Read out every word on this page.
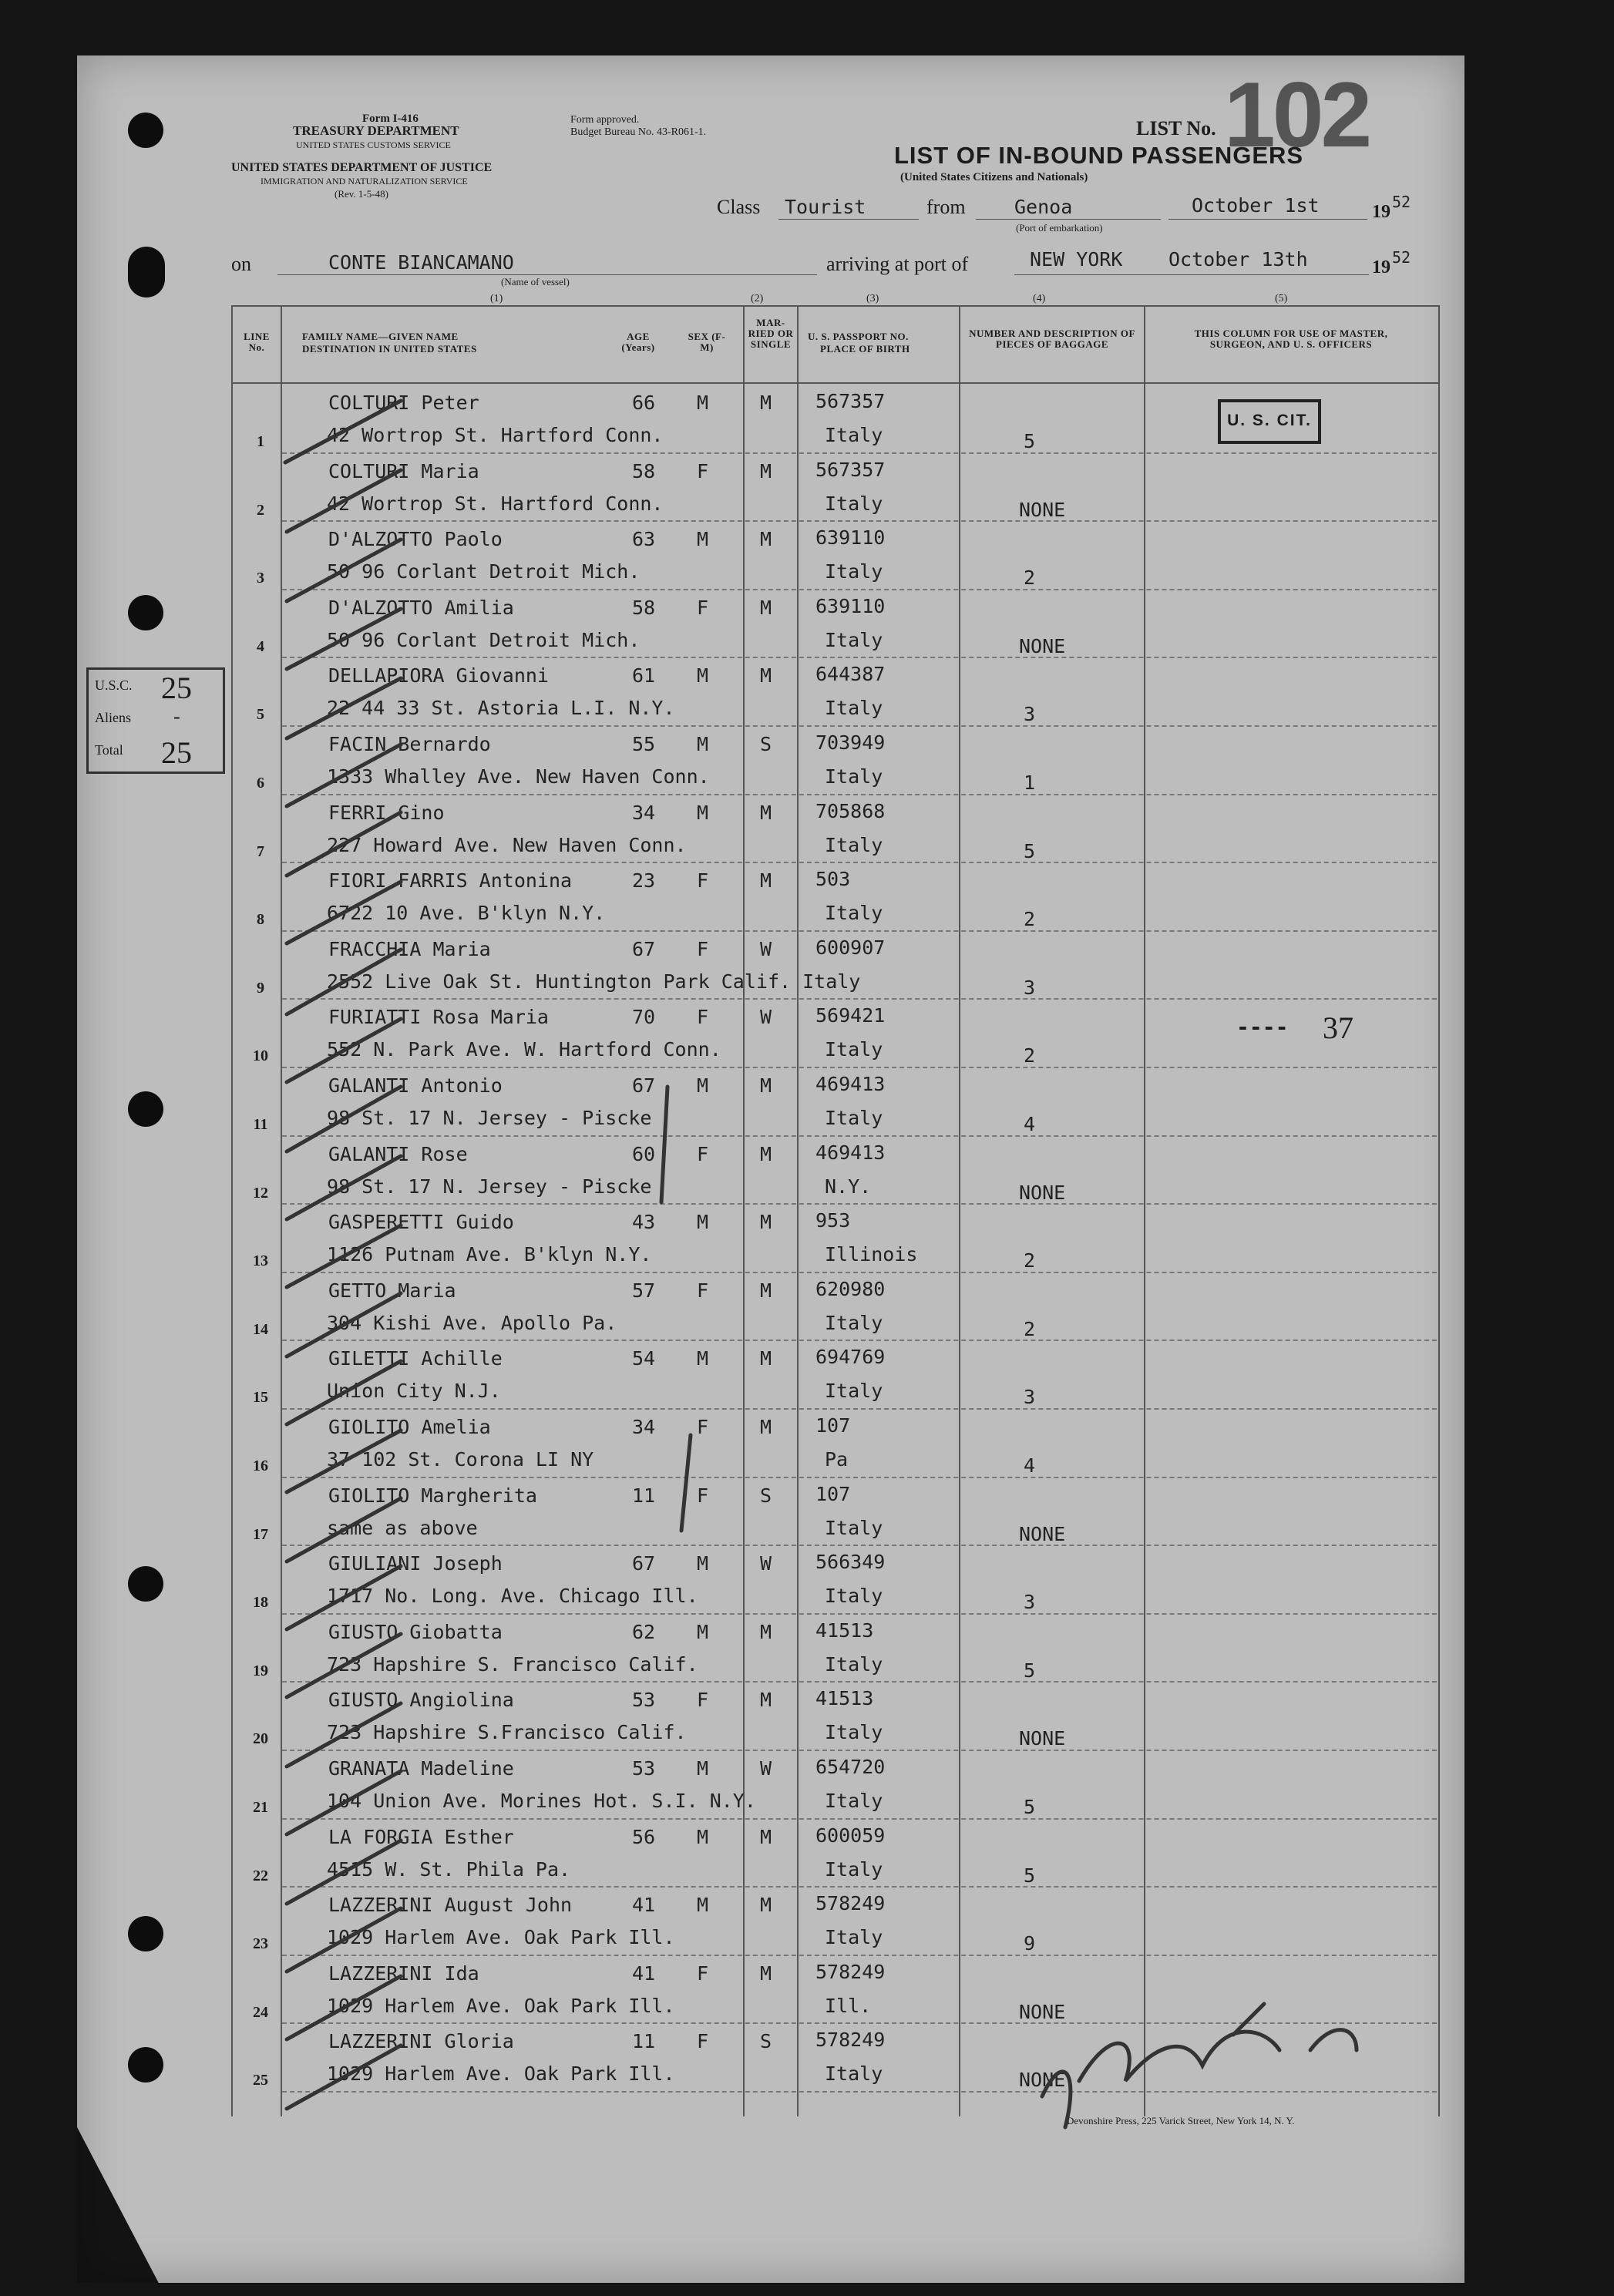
Form I-416
TREASURY DEPARTMENT
UNITED STATES CUSTOMS SERVICE
UNITED STATES DEPARTMENT OF JUSTICE
IMMIGRATION AND NATURALIZATION SERVICE
(Rev. 1-5-48)
Form approved.
Budget Bureau No. 43-R061-1.	LIST No. 102
LIST OF IN-BOUND PASSENGERS
(United States Citizens and Nationals)
Class Tourist	from	Genoa
(Port of embarkation)
October 1st	19 52
on	CONTE BIANCAMANO
(Name of vessel)
arriving at port of	NEW YORK October 13th	19 52
(1)	(2)	(3)	(4)	(5)
LINE No.
FAMILY NAME—GIVEN NAME
DESTINATION IN UNITED STATES
AGE (Years)
SEX (F-M)
MAR-RIED OR SINGLE
U. S. PASSPORT NO.
PLACE OF BIRTH
NUMBER AND DESCRIPTION OF PIECES OF BAGGAGE
THIS COLUMN FOR USE OF MASTER, SURGEON, AND U. S. OFFICERS
COLTURI Peter	66 M	M 567357
42 Wortrop St. Hartford Conn.	Italy	5
1
COLTURI Maria	58 F	M 567357
42 Wortrop St. Hartford Conn.	Italy	NONE
2
D'ALZOTTO Paolo	63 M	M 639110
50 96 Corlant Detroit Mich.	Italy	2
3
D'ALZOTTO Amilia	58 F	M 639110
50 96 Corlant Detroit Mich.	Italy	NONE
4
DELLAPIORA Giovanni	61 M	M 644387
22 44 33 St. Astoria L.I. N.Y.	Italy	3
5
FACIN Bernardo	55 M	S 703949
1333 Whalley Ave. New Haven Conn.	Italy	1
6
FERRI Gino	34 M	M 705868
227 Howard Ave. New Haven Conn.	Italy	5
7
FIORI FARRIS Antonina	23 F	M 503
6722 10 Ave. B'klyn N.Y.	Italy	2
8
FRACCHIA Maria	67 F	W 600907
2552 Live Oak St. Huntington Park Calif. Italy	3
9
FURIATTI Rosa Maria	70 F	W 569421
552 N. Park Ave. W. Hartford Conn.	Italy	2
10
GALANTI Antonio	67 M	M 469413
98 St. 17 N. Jersey - Piscke	Italy	4
11
GALANTI Rose	60 F	M 469413
98 St. 17 N. Jersey - Piscke	N.Y.	NONE
12
GASPERETTI Guido	43 M	M 953
1126 Putnam Ave. B'klyn N.Y.	Illinois	2
13
GETTO Maria	57 F	M 620980
304 Kishi Ave. Apollo Pa.	Italy	2
14
GILETTI Achille	54 M	M 694769
Union City N.J.	Italy	3
15
GIOLITO Amelia	34 F	M 107
37 102 St. Corona LI NY	Pa	4
16
GIOLITO Margherita	11 F	S 107
same as above	Italy	NONE
17
GIULIANI Joseph	67 M	W 566349
1717 No. Long. Ave. Chicago Ill.	Italy	3
18
GIUSTO Giobatta	62 M	M 41513
723 Hapshire S. Francisco Calif.	Italy	5
19
GIUSTO Angiolina	53 F	M 41513
723 Hapshire S.Francisco Calif.	Italy	NONE
20
GRANATA Madeline	53 M	W 654720
104 Union Ave. Morines Hot. S.I. N.Y.	Italy	5
21
LA FORGIA Esther	56 M	M 600059
4515 W. St. Phila Pa.	Italy	5
22
LAZZERINI August John	41 M	M 578249
1029 Harlem Ave. Oak Park Ill.	Italy	9
23
LAZZERINI Ida	41 F	M 578249
1029 Harlem Ave. Oak Park Ill.	Ill.	NONE
24
LAZZERINI Gloria	11 F	S 578249
1029 Harlem Ave. Oak Park Ill.	Italy	NONE
25
U.S.C. 25
Aliens -
Total 25
U. S. CIT.
---- 37
Devonshire Press, 225 Varick Street, New York 14, N. Y.
